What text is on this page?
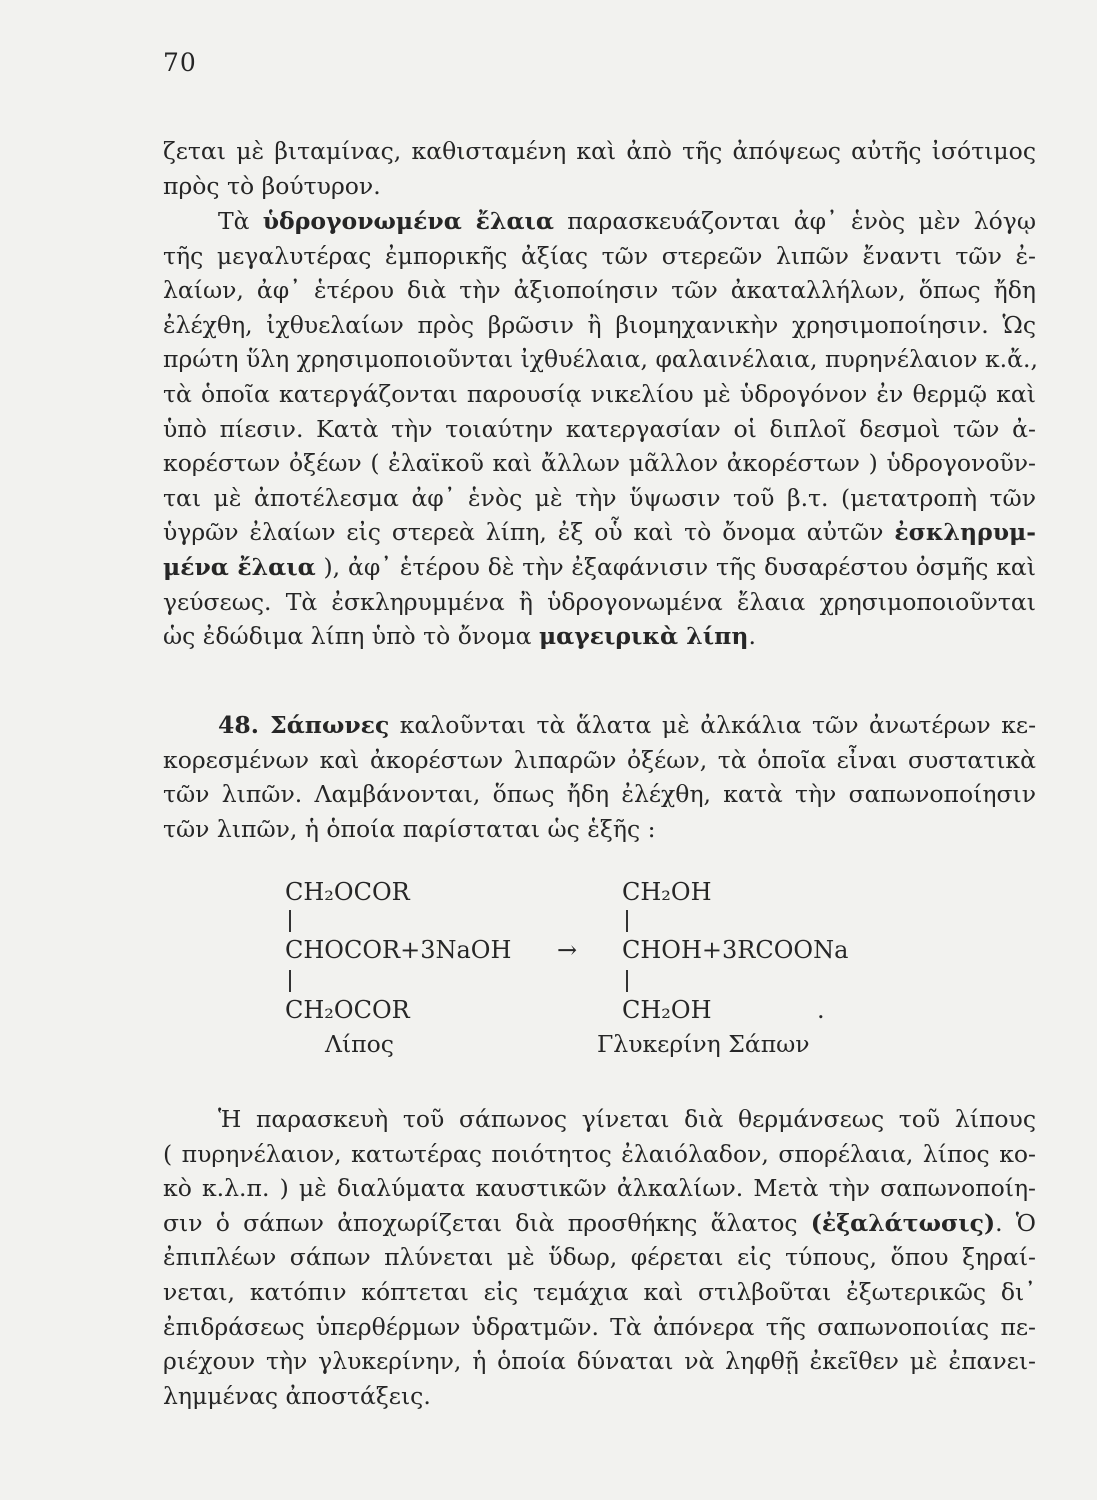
70
ζεται μὲ βιταμίνας, καθισταμένη καὶ ἀπὸ τῆς ἀπόψεως αὐτῆς ἰσότιμος
πρὸς τὸ βούτυρον.
Τὰ ὑδρογονωμένα ἔλαια παρασκευάζονται ἀφ᾽ ἑνὸς μὲν λόγῳ
τῆς μεγαλυτέρας ἐμπορικῆς ἀξίας τῶν στερεῶν λιπῶν ἔναντι τῶν ἐ-
λαίων, ἀφ᾽ ἑτέρου διὰ τὴν ἀξιοποίησιν τῶν ἀκαταλλήλων, ὅπως ἤδη
ἐλέχθη, ἰχθυελαίων πρὸς βρῶσιν ἢ βιομηχανικὴν χρησιμοποίησιν. Ὡς
πρώτη ὕλη χρησιμοποιοῦνται ἰχθυέλαια, φαλαινέλαια, πυρηνέλαιον κ.ἄ.,
τὰ ὁποῖα κατεργάζονται παρουσίᾳ νικελίου μὲ ὑδρογόνον ἐν θερμῷ καὶ
ὑπὸ πίεσιν. Κατὰ τὴν τοιαύτην κατεργασίαν οἱ διπλοῖ δεσμοὶ τῶν ἀ-
κορέστων ὀξέων ( ἐλαϊκοῦ καὶ ἄλλων μᾶλλον ἀκορέστων ) ὑδρογονοῦν-
ται μὲ ἀποτέλεσμα ἀφ᾽ ἑνὸς μὲ τὴν ὕψωσιν τοῦ β.τ. (μετατροπὴ τῶν
ὑγρῶν ἐλαίων εἰς στερεὰ λίπη, ἐξ οὗ καὶ τὸ ὄνομα αὐτῶν ἐσκληρυμ-
μένα ἔλαια ), ἀφ᾽ ἑτέρου δὲ τὴν ἐξαφάνισιν τῆς δυσαρέστου ὀσμῆς καὶ
γεύσεως. Τὰ ἐσκληρυμμένα ἢ ὑδρογονωμένα ἔλαια χρησιμοποιοῦνται
ὡς ἐδώδιμα λίπη ὑπὸ τὸ ὄνομα μαγειρικὰ λίπη.
48. Σάπωνες καλοῦνται τὰ ἅλατα μὲ ἀλκάλια τῶν ἀνωτέρων κε-
κορεσμένων καὶ ἀκορέστων λιπαρῶν ὀξέων, τὰ ὁποῖα εἶναι συστατικὰ
τῶν λιπῶν. Λαμβάνονται, ὅπως ἤδη ἐλέχθη, κατὰ τὴν σαπωνοποίησιν
τῶν λιπῶν, ἡ ὁποία παρίσταται ὡς ἑξῆς :
CH₂OCOR
CHOCOR+3NaOH
CH₂OCOR
→
CH₂OH
CHOH+3RCOONa
CH₂OH	.
Λίπος	Γλυκερίνη Σάπων
Ἡ παρασκευὴ τοῦ σάπωνος γίνεται διὰ θερμάνσεως τοῦ λίπους
( πυρηνέλαιον, κατωτέρας ποιότητος ἐλαιόλαδον, σπορέλαια, λίπος κο-
κὸ κ.λ.π. ) μὲ διαλύματα καυστικῶν ἀλκαλίων. Μετὰ τὴν σαπωνοποίη-
σιν ὁ σάπων ἀποχωρίζεται διὰ προσθήκης ἅλατος (ἐξαλάτωσις). Ὁ
ἐπιπλέων σάπων πλύνεται μὲ ὕδωρ, φέρεται εἰς τύπους, ὅπου ξηραί-
νεται, κατόπιν κόπτεται εἰς τεμάχια καὶ στιλβοῦται ἐξωτερικῶς δι᾽
ἐπιδράσεως ὑπερθέρμων ὑδρατμῶν. Τὰ ἀπόνερα τῆς σαπωνοποιίας πε-
ριέχουν τὴν γλυκερίνην, ἡ ὁποία δύναται νὰ ληφθῇ ἐκεῖθεν μὲ ἐπανει-
λημμένας ἀποστάξεις.
